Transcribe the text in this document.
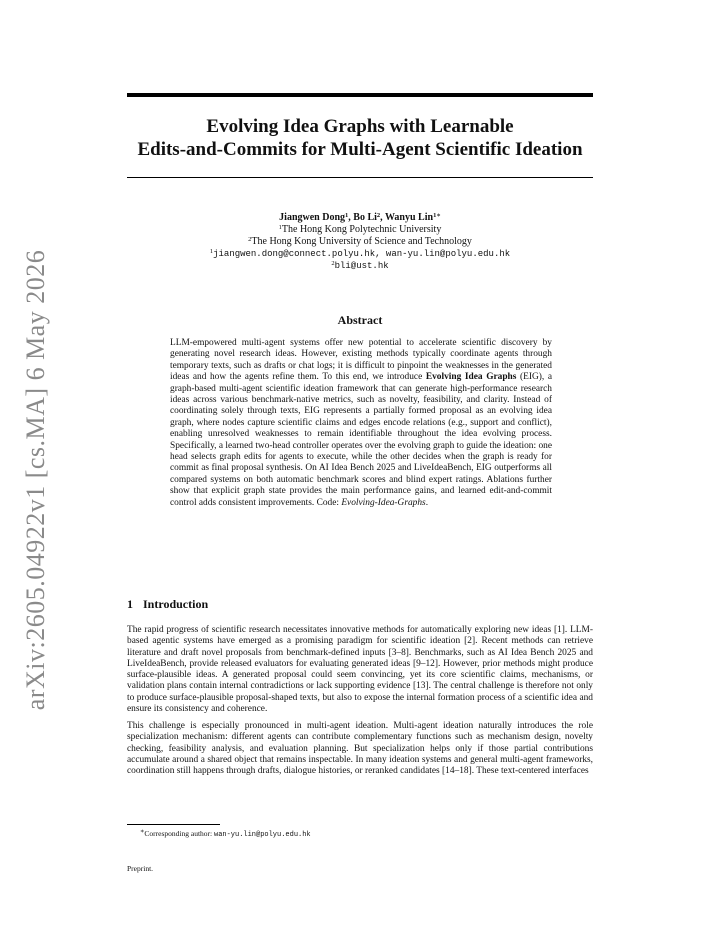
arXiv:2605.04922v1 [cs.MA] 6 May 2026
Evolving Idea Graphs with Learnable
Edits-and-Commits for Multi-Agent Scientific Ideation
Jiangwen Dong$^1$, Bo Li$^2$, Wanyu Lin$^{1∗}$
$^1$The Hong Kong Polytechnic University
$^2$The Hong Kong University of Science and Technology
$^1$jiangwen.dong@connect.polyu.hk, wan-yu.lin@polyu.edu.hk
$^2$bli@ust.hk
Abstract

LLM-empowered multi-agent systems offer new potential to accelerate scientific discovery by generating novel research ideas. However, existing methods typically coordinate agents through temporary texts, such as drafts or chat logs; it is difficult to pinpoint the weaknesses in the generated ideas and how the agents refine them. To this end, we introduce Evolving Idea Graphs (EIG), a graph-based multi-agent scientific ideation framework that can generate high-performance research ideas across various benchmark-native metrics, such as novelty, feasibility, and clarity. Instead of coordinating solely through texts, EIG represents a partially formed proposal as an evolving idea graph, where nodes capture scientific claims and edges encode relations (e.g., support and conflict), enabling unresolved weaknesses to remain identifiable throughout the idea evolving process. Specifically, a learned two-head controller operates over the evolving graph to guide the ideation: one head selects graph edits for agents to execute, while the other decides when the graph is ready for commit as final proposal synthesis. On AI Idea Bench 2025 and LiveIdeaBench, EIG outperforms all compared systems on both automatic benchmark scores and blind expert ratings. Ablations further show that explicit graph state provides the main performance gains, and learned edit-and-commit control adds consistent improvements. Code: Evolving-Idea-Graphs.

1 Introduction

The rapid progress of scientific research necessitates innovative methods for automatically exploring new ideas [1]. LLM-based agentic systems have emerged as a promising paradigm for scientific ideation [2]. Recent methods can retrieve literature and draft novel proposals from benchmark-defined inputs [3–8]. Benchmarks, such as AI Idea Bench 2025 and LiveIdeaBench, provide released evaluators for evaluating generated ideas [9–12]. However, prior methods might produce surface-plausible ideas. A generated proposal could seem convincing, yet its core scientific claims, mechanisms, or validation plans contain internal contradictions or lack supporting evidence [13]. The central challenge is therefore not only to produce surface-plausible proposal-shaped texts, but also to expose the internal formation process of a scientific idea and ensure its consistency and coherence.

This challenge is especially pronounced in multi-agent ideation. Multi-agent ideation naturally introduces the role specialization mechanism: different agents can contribute complementary functions such as mechanism design, novelty checking, feasibility analysis, and evaluation planning. But specialization helps only if those partial contributions accumulate around a shared object that remains inspectable. In many ideation systems and general multi-agent frameworks, coordination still happens through drafts, dialogue histories, or reranked candidates [14–18]. These text-centered interfaces

∗Corresponding author: wan-yu.lin@polyu.edu.hk
Preprint.
